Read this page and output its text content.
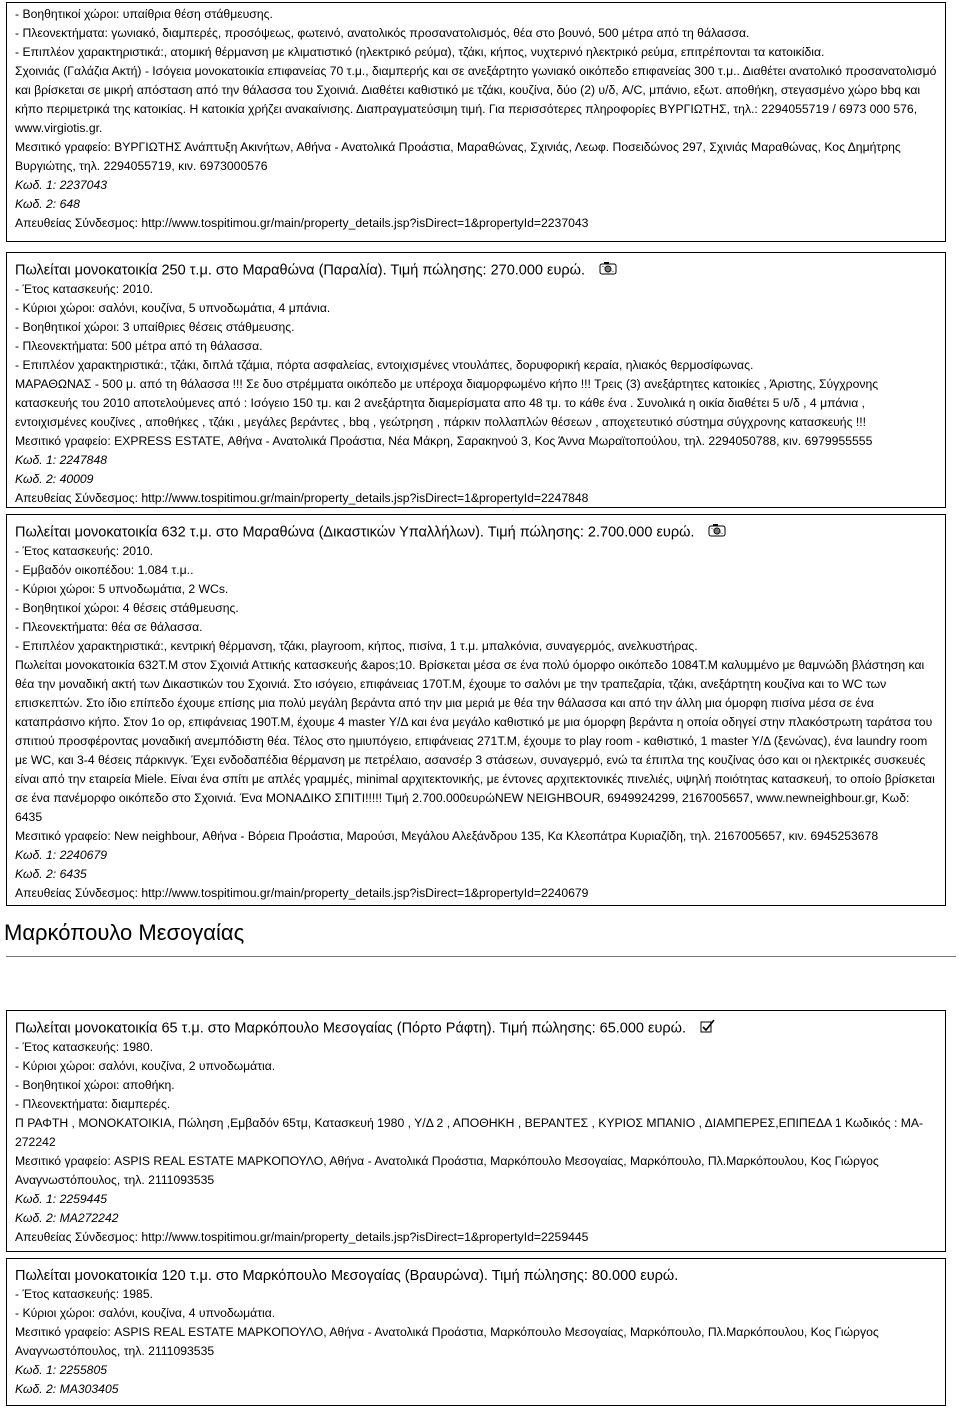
- Βοηθητικοί χώροι: υπαίθρια θέση στάθμευσης.
- Πλεονεκτήματα: γωνιακό, διαμπερές, προσόψεως, φωτεινό, ανατολικός προσανατολισμός, θέα στο βουνό, 500 μέτρα από τη θάλασσα.
- Επιπλέον χαρακτηριστικά:, ατομική θέρμανση με κλιματιστικό (ηλεκτρικό ρεύμα), τζάκι, κήπος, νυχτερινό ηλεκτρικό ρεύμα, επιτρέπονται τα κατοικίδια.
Σχοινιάς (Γαλάζια Ακτή) - Ισόγεια μονοκατοικία επιφανείας 70 τ.μ., διαμπερής και σε ανεξάρτητο γωνιακό οικόπεδο επιφανείας 300 τ.μ.. Διαθέτει ανατολικό προσανατολισμό και βρίσκεται σε μικρή απόσταση από την θάλασσα του Σχοινιά. Διαθέτει καθιστικό με τζάκι, κουζίνα, δύο (2) υ/δ, A/C, μπάνιο, εξωτ. αποθήκη, στεγασμένο χώρο bbq και κήπο περιμετρικά της κατοικίας. Η κατοικία χρήζει ανακαίνισης. Διαπραγματεύσιμη τιμή. Για περισσότερες πληροφορίες ΒΥΡΓΙΩΤΗΣ, τηλ.: 2294055719 / 6973 000 576, www.virgiotis.gr.
Μεσιτικό γραφείο: ΒΥΡΓΙΩΤΗΣ Ανάπτυξη Ακινήτων, Αθήνα - Ανατολικά Προάστια, Μαραθώνας, Σχινιάς, Λεωφ. Ποσειδώνος 297, Σχινιάς Μαραθώνας, Κος Δημήτρης Βυργιώτης, τηλ. 2294055719, κιν. 6973000576
Κωδ. 1: 2237043
Κωδ. 2: 648
Απευθείας Σύνδεσμος: http://www.tospitimou.gr/main/property_details.jsp?isDirect=1&propertyId=2237043
Πωλείται μονοκατοικία 250 τ.μ. στο Μαραθώνα (Παραλία). Τιμή πώλησης: 270.000 ευρώ.
- Έτος κατασκευής: 2010.
- Κύριοι χώροι: σαλόνι, κουζίνα, 5 υπνοδωμάτια, 4 μπάνια.
- Βοηθητικοί χώροι: 3 υπαίθριες θέσεις στάθμευσης.
- Πλεονεκτήματα: 500 μέτρα από τη θάλασσα.
- Επιπλέον χαρακτηριστικά:, τζάκι, διπλά τζάμια, πόρτα ασφαλείας, εντοιχισμένες ντουλάπες, δορυφορική κεραία, ηλιακός θερμοσίφωνας.
ΜΑΡΑΘΩΝΑΣ - 500 μ. από τη θάλασσα !!! Σε δυο στρέμματα οικόπεδο με υπέροχα διαμορφωμένο κήπο !!! Τρεις (3) ανεξάρτητες κατοικίες , Άριστης, Σύγχρονης κατασκευής του 2010 αποτελούμενες από : Ισόγειο 150 τμ. και 2 ανεξάρτητα διαμερίσματα απο 48 τμ. το κάθε ένα . Συνολικά η οικία διαθέτει 5 υ/δ , 4 μπάνια , εντοιχισμένες κουζίνες , αποθήκες , τζάκι , μεγάλες βεράντες , bbq , γεώτρηση , πάρκιν πολλαπλών θέσεων , αποχετευτικό σύστημα σύγχρονης κατασκευής !!!
Μεσιτικό γραφείο: EXPRESS ESTATE, Αθήνα - Ανατολικά Προάστια, Νέα Μάκρη, Σαρακηνού 3, Κος Άννα Μωραϊτοπούλου, τηλ. 2294050788, κιν. 6979955555
Κωδ. 1: 2247848
Κωδ. 2: 40009
Απευθείας Σύνδεσμος: http://www.tospitimou.gr/main/property_details.jsp?isDirect=1&propertyId=2247848
Πωλείται μονοκατοικία 632 τ.μ. στο Μαραθώνα (Δικαστικών Υπαλλήλων). Τιμή πώλησης: 2.700.000 ευρώ.
- Έτος κατασκευής: 2010.
- Εμβαδόν οικοπέδου: 1.084 τ.μ..
- Κύριοι χώροι: 5 υπνοδωμάτια, 2 WCs.
- Βοηθητικοί χώροι: 4 θέσεις στάθμευσης.
- Πλεονεκτήματα: θέα σε θάλασσα.
- Επιπλέον χαρακτηριστικά:, κεντρική θέρμανση, τζάκι, playroom, κήπος, πισίνα, 1 τ.μ. μπαλκόνια, συναγερμός, ανελκυστήρας.
Πωλείται μονοκατοικία 632Τ.Μ στον Σχοινιά Αττικής κατασκευής &apos;10. Βρίσκεται μέσα σε ένα πολύ όμορφο οικόπεδο 1084Τ.Μ καλυμμένο με θαμνώδη βλάστηση και θέα την μοναδική ακτή των Δικαστικών του Σχοινιά. Στο ισόγειο, επιφάνειας 170Τ.Μ, έχουμε το σαλόνι με την τραπεζαρία, τζάκι, ανεξάρτητη κουζίνα και το WC των επισκεπτών. Στο ίδιο επίπεδο έχουμε επίσης μια πολύ μεγάλη βεράντα από την μια μεριά με θέα την θάλασσα και από την άλλη μια όμορφη πισίνα μέσα σε ένα καταπράσινο κήπο. Στον 1ο ορ, επιφάνειας 190Τ.Μ, έχουμε 4 master Υ/Δ και ένα μεγάλο καθιστικό με μια όμορφη βεράντα η οποία οδηγεί στην πλακόστρωτη ταράτσα του σπιτιού προσφέροντας μοναδική ανεμπόδιστη θέα. Τέλος στο ημιυπόγειο, επιφάνειας 271Τ.Μ, έχουμε το play room - καθιστικό, 1 master Υ/Δ (ξενώνας), ένα laundry room με WC, και 3-4 θέσεις πάρκινγκ. Έχει ενδοδαπέδια θέρμανση με πετρέλαιο, ασανσέρ 3 στάσεων, συναγερμό, ενώ τα έπιπλα της κουζίνας όσο και οι ηλεκτρικές συσκευές είναι από την εταιρεία Miele. Είναι ένα σπίτι με απλές γραμμές, minimal αρχιτεκτονικής, με έντονες αρχιτεκτονικές πινελιές, υψηλή ποιότητας κατασκευή, το οποίο βρίσκεται σε ένα πανέμορφο οικόπεδο στο Σχοινιά. Ένα ΜΟΝΑΔΙΚΟ ΣΠΙΤΙ!!!!! Τιμή 2.700.000ευρώNEW NEIGHBOUR, 6949924299, 2167005657, www.newneighbour.gr, Κωδ: 6435
Μεσιτικό γραφείο: New neighbour, Αθήνα - Βόρεια Προάστια, Μαρούσι, Μεγάλου Αλεξάνδρου 135, Κα Κλεοπάτρα Κυριαζίδη, τηλ. 2167005657, κιν. 6945253678
Κωδ. 1: 2240679
Κωδ. 2: 6435
Απευθείας Σύνδεσμος: http://www.tospitimou.gr/main/property_details.jsp?isDirect=1&propertyId=2240679
Μαρκόπουλο Μεσογαίας
Πωλείται μονοκατοικία 65 τ.μ. στο Μαρκόπουλο Μεσογαίας (Πόρτο Ράφτη). Τιμή πώλησης: 65.000 ευρώ.
- Έτος κατασκευής: 1980.
- Κύριοι χώροι: σαλόνι, κουζίνα, 2 υπνοδωμάτια.
- Βοηθητικοί χώροι: αποθήκη.
- Πλεονεκτήματα: διαμπερές.
Π ΡΑΦΤΗ , ΜΟΝΟΚΑΤΟΙΚΙΑ, Πώληση ,Εμβαδόν 65τμ, Κατασκευή 1980 , Υ/Δ 2 , ΑΠΟΘΗΚΗ , ΒΕΡΑΝΤΕΣ , ΚΥΡΙΟΣ ΜΠΑΝΙΟ , ΔΙΑΜΠΕΡΕΣ,ΕΠΙΠΕΔΑ 1 Κωδικός : MA-272242
Μεσιτικό γραφείο: ASPIS REAL ESTATE ΜΑΡΚΟΠΟΥΛΟ, Αθήνα - Ανατολικά Προάστια, Μαρκόπουλο Μεσογαίας, Μαρκόπουλο, Πλ.Μαρκόπουλου, Κος Γιώργος Αναγνωστόπουλος, τηλ. 2111093535
Κωδ. 1: 2259445
Κωδ. 2: MA272242
Απευθείας Σύνδεσμος: http://www.tospitimou.gr/main/property_details.jsp?isDirect=1&propertyId=2259445
Πωλείται μονοκατοικία 120 τ.μ. στο Μαρκόπουλο Μεσογαίας (Βραυρώνα). Τιμή πώλησης: 80.000 ευρώ.
- Έτος κατασκευής: 1985.
- Κύριοι χώροι: σαλόνι, κουζίνα, 4 υπνοδωμάτια.
Μεσιτικό γραφείο: ASPIS REAL ESTATE ΜΑΡΚΟΠΟΥΛΟ, Αθήνα - Ανατολικά Προάστια, Μαρκόπουλο Μεσογαίας, Μαρκόπουλο, Πλ.Μαρκόπουλου, Κος Γιώργος Αναγνωστόπουλος, τηλ. 2111093535
Κωδ. 1: 2255805
Κωδ. 2: MA303405
